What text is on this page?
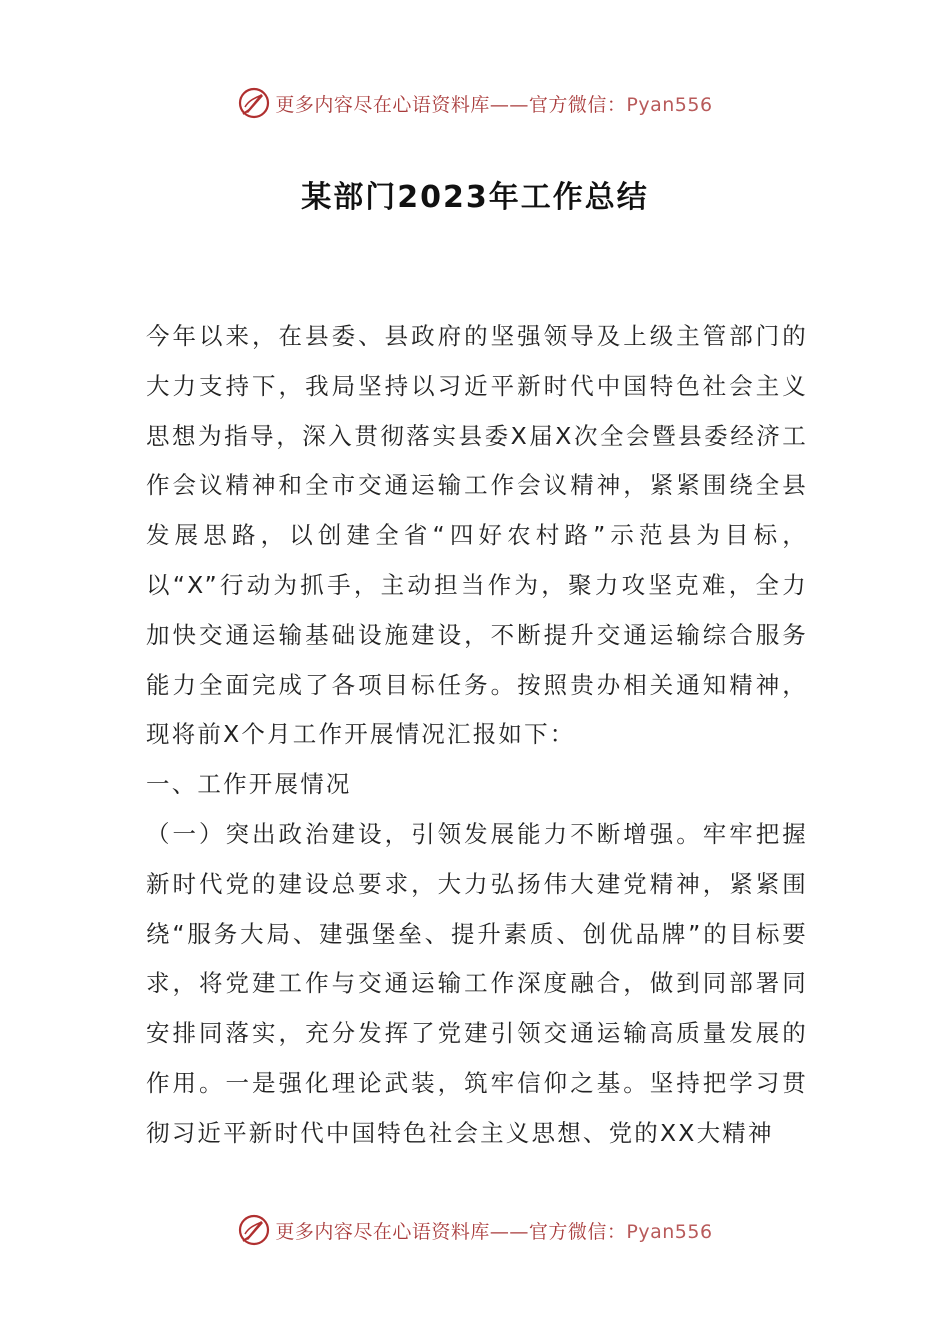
更多内容尽在心语资料库——官方微信：Pyan556
某部门2023年工作总结

今年以来，在县委、县政府的坚强领导及上级主管部门的大力支持下，我局坚持以习近平新时代中国特色社会主义思想为指导，深入贯彻落实县委X届X次全会暨县委经济工作会议精神和全市交通运输工作会议精神，紧紧围绕全县发展思路，以创建全省“四好农村路”示范县为目标，以“X”行动为抓手，主动担当作为，聚力攻坚克难，全力加快交通运输基础设施建设，不断提升交通运输综合服务能力全面完成了各项目标任务。按照贵办相关通知精神，现将前X个月工作开展情况汇报如下：

一、工作开展情况

（一）突出政治建设，引领发展能力不断增强。牢牢把握新时代党的建设总要求，大力弘扬伟大建党精神，紧紧围绕“服务大局、建强堡垒、提升素质、创优品牌”的目标要求，将党建工作与交通运输工作深度融合，做到同部署同安排同落实，充分发挥了党建引领交通运输高质量发展的作用。一是强化理论武装，筑牢信仰之基。坚持把学习贯彻习近平新时代中国特色社会主义思想、党的XX大精神

更多内容尽在心语资料库——官方微信：Pyan556
